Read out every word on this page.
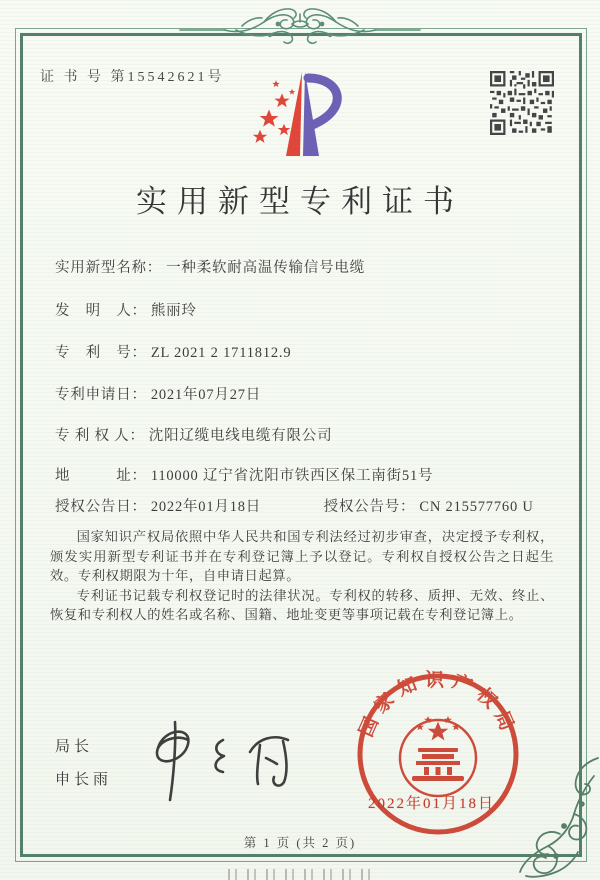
证 书 号 第15542621号
实用新型专利证书
实用新型名称： 一种柔软耐高温传输信号电缆
发　明　人： 熊丽玲
专　利　号： ZL 2021 2 1711812.9
专利申请日： 2021年07月27日
专 利 权 人： 沈阳辽缆电线电缆有限公司
地　　　址： 110000 辽宁省沈阳市铁西区保工南街51号
授权公告日： 2022年01月18日	授权公告号： CN 215577760 U

国家知识产权局依照中华人民共和国专利法经过初步审查，决定授予专利权，颁发实用新型专利证书并在专利登记簿上予以登记。专利权自授权公告之日起生效。专利权期限为十年，自申请日起算。

专利证书记载专利权登记时的法律状况。专利权的转移、质押、无效、终止、恢复和专利权人的姓名或名称、国籍、地址变更等事项记载在专利登记簿上。

局长
申长雨
国家知识产权局
2022年01月18日
第 1 页 (共 2 页)
